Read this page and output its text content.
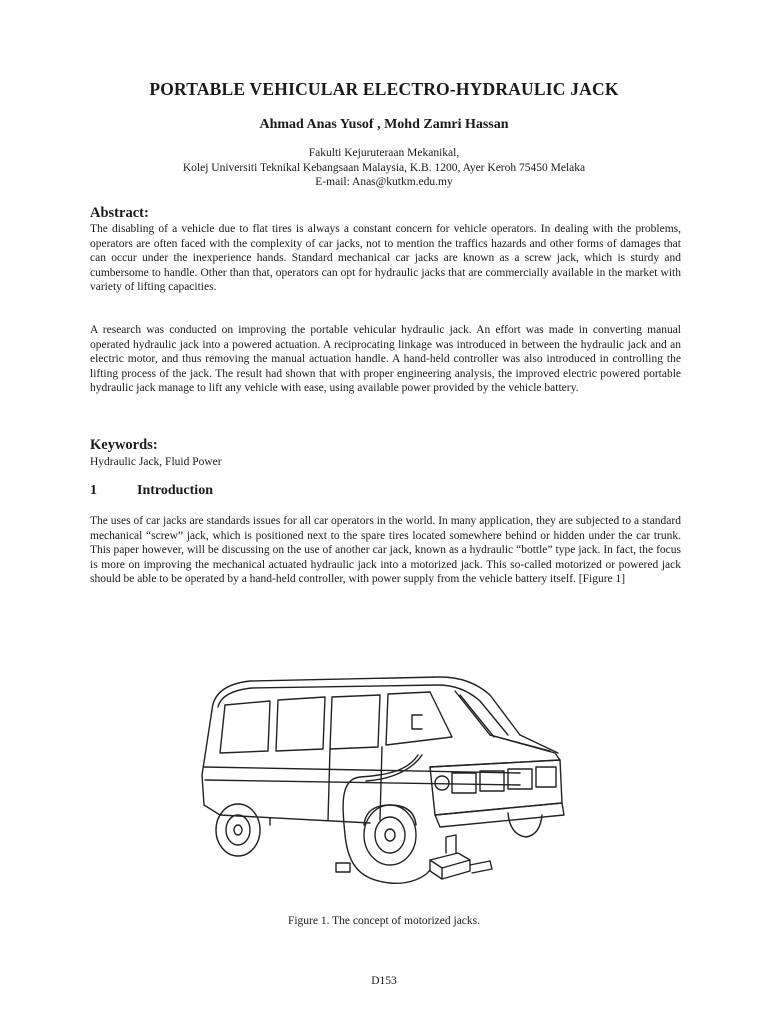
PORTABLE VEHICULAR ELECTRO-HYDRAULIC JACK
Ahmad Anas Yusof , Mohd Zamri Hassan
Fakulti Kejuruteraan Mekanikal,
Kolej Universiti Teknikal Kebangsaan Malaysia, K.B. 1200, Ayer Keroh 75450 Melaka
E-mail: Anas@kutkm.edu.my
Abstract:

The disabling of a vehicle due to flat tires is always a constant concern for vehicle operators. In dealing with the problems, operators are often faced with the complexity of car jacks, not to mention the traffics hazards and other forms of damages that can occur under the inexperience hands. Standard mechanical car jacks are known as a screw jack, which is sturdy and cumbersome to handle. Other than that, operators can opt for hydraulic jacks that are commercially available in the market with variety of lifting capacities.

A research was conducted on improving the portable vehicular hydraulic jack. An effort was made in converting manual operated hydraulic jack into a powered actuation. A reciprocating linkage was introduced in between the hydraulic jack and an electric motor, and thus removing the manual actuation handle. A hand-held controller was also introduced in controlling the lifting process of the jack. The result had shown that with proper engineering analysis, the improved electric powered portable hydraulic jack manage to lift any vehicle with ease, using available power provided by the vehicle battery.

Keywords:
Hydraulic Jack, Fluid Power
1	Introduction

The uses of car jacks are standards issues for all car operators in the world. In many application, they are subjected to a standard mechanical “screw” jack, which is positioned next to the spare tires located somewhere behind or hidden under the car trunk. This paper however, will be discussing on the use of another car jack, known as a hydraulic “bottle” type jack. In fact, the focus is more on improving the mechanical actuated hydraulic jack into a motorized jack. This so-called motorized or powered jack should be able to be operated by a hand-held controller, with power supply from the vehicle battery itself. [Figure 1]

Figure 1. The concept of motorized jacks.
D153
